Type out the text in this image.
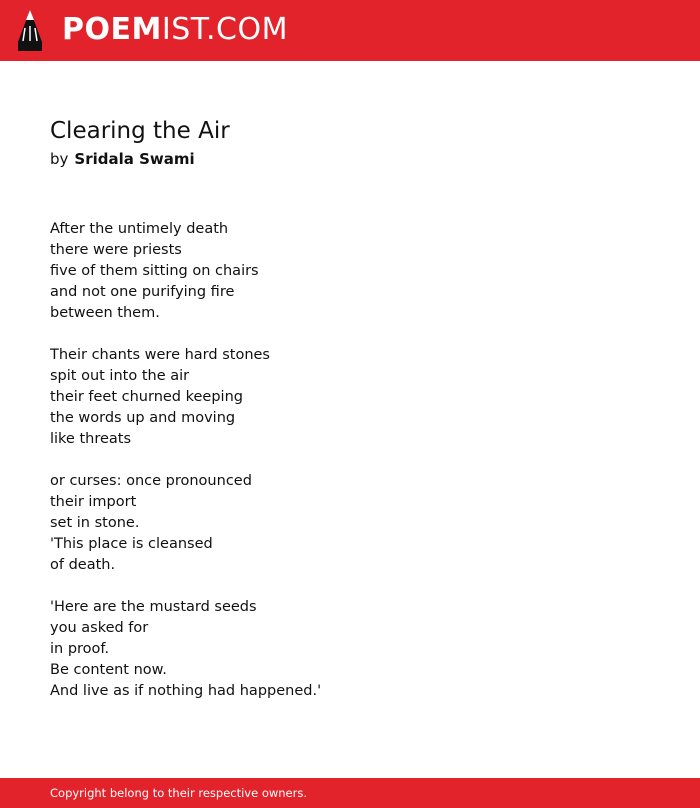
POEMIST.COM
Clearing the Air
by Sridala Swami
After the untimely death
there were priests
five of them sitting on chairs
and not one purifying fire
between them.
Their chants were hard stones
spit out into the air
their feet churned keeping
the words up and moving
like threats
or curses: once pronounced
their import
set in stone.
'This place is cleansed
of death.
'Here are the mustard seeds
you asked for
in proof.
Be content now.
And live as if nothing had happened.'
Copyright belong to their respective owners.
